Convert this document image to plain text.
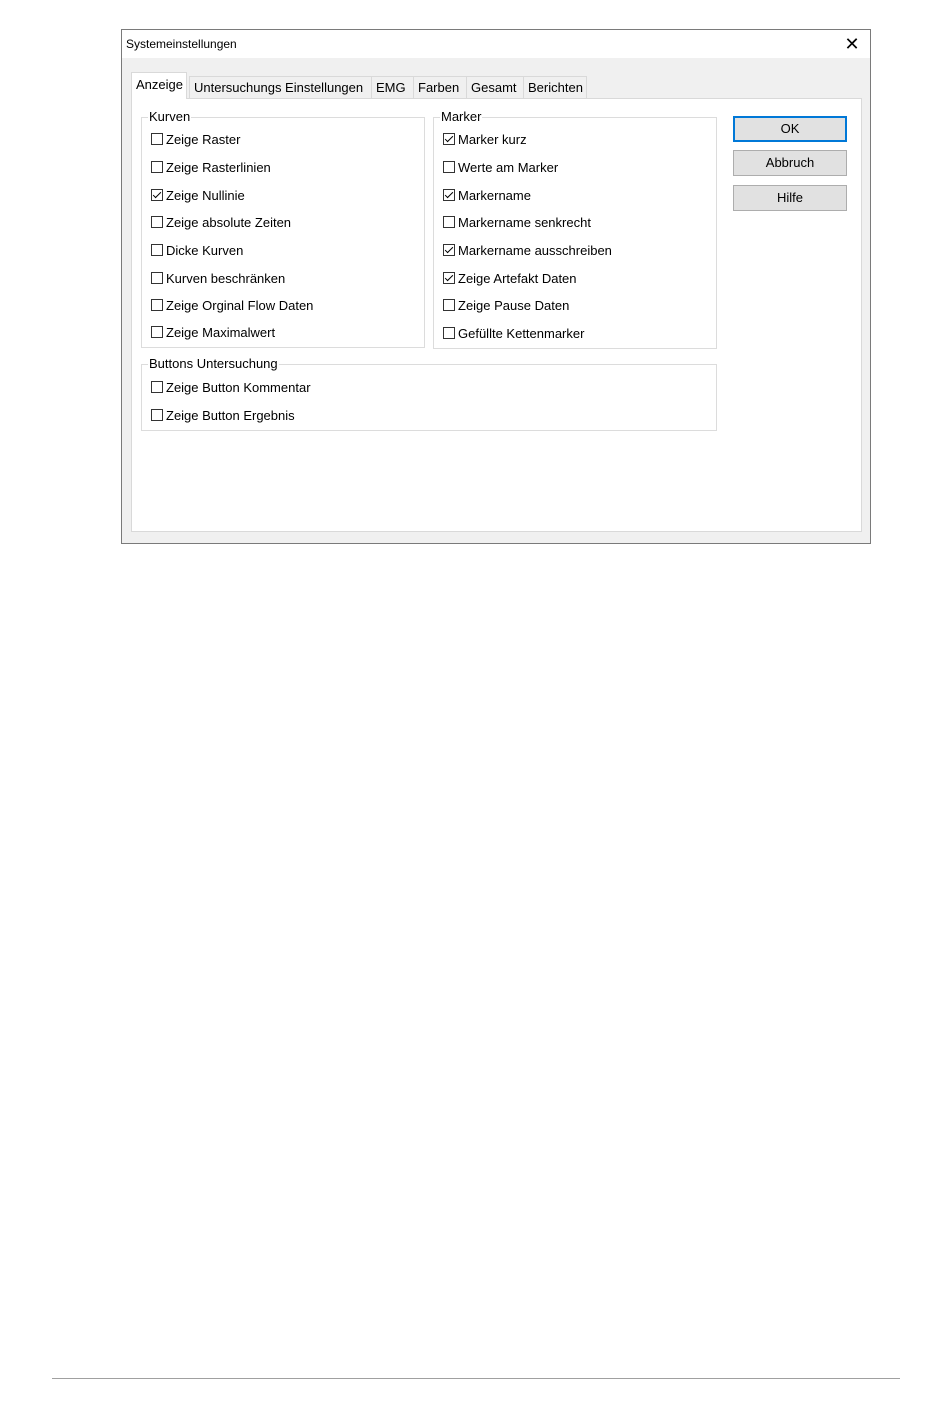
Systemeinstellungen	✕
Anzeige Untersuchungs Einstellungen EMG Farben Gesamt Berichten
Kurven
Zeige Raster
Zeige Rasterlinien
Zeige Nullinie
Zeige absolute Zeiten
Dicke Kurven
Kurven beschränken
Zeige Orginal Flow Daten
Zeige Maximalwert
Marker
Marker kurz
Werte am Marker
Markername
Markername senkrecht
Markername ausschreiben
Zeige Artefakt Daten
Zeige Pause Daten
Gefüllte Kettenmarker
Buttons Untersuchung
Zeige Button Kommentar
Zeige Button Ergebnis
OK
Abbruch
Hilfe
